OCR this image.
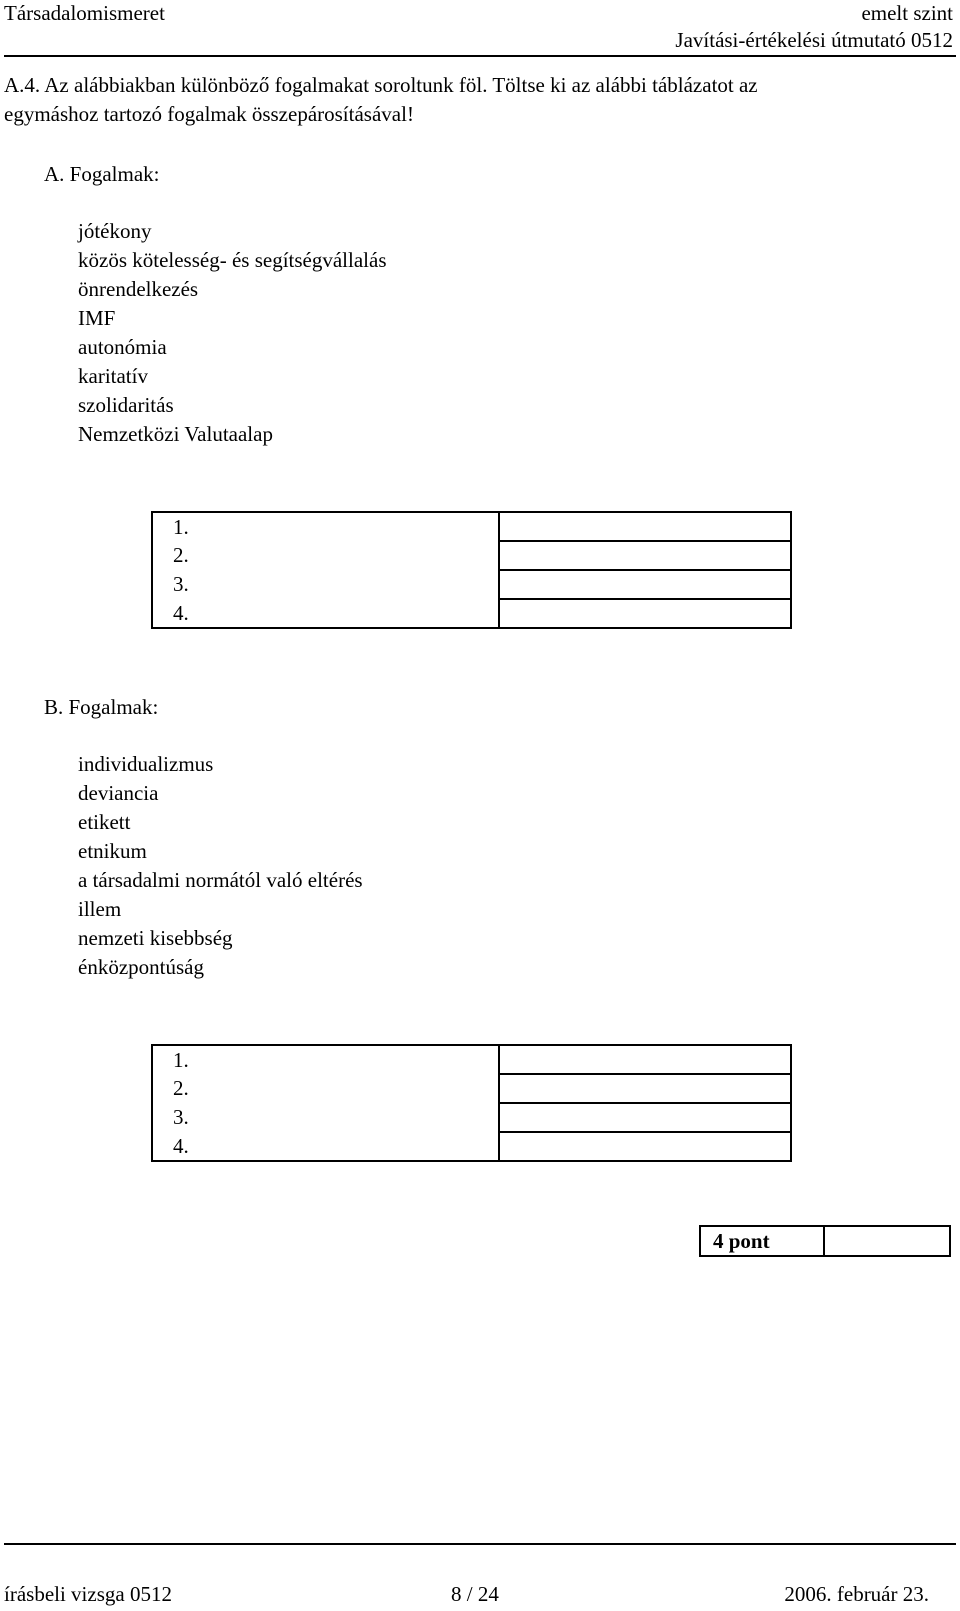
Társadalomismeret	emelt szint
Javítási-értékelési útmutató 0512
A.4. Az alábbiakban különböző fogalmakat soroltunk föl. Töltse ki az alábbi táblázatot az
egymáshoz tartozó fogalmak összepárosításával!
A. Fogalmak:
jótékony
közös kötelesség- és segítségvállalás
önrendelkezés
IMF
autonómia
karitatív
szolidaritás
Nemzetközi Valutaalap
1.		
2.		
3.		
4.		
B. Fogalmak:
individualizmus
deviancia
etikett
etnikum
a társadalmi normától való eltérés
illem
nemzeti kisebbség
énközpontúság
1.		
2.		
3.		
4.		
4 pont	
írásbeli vizsga 0512	8 / 24	2006. február 23.
